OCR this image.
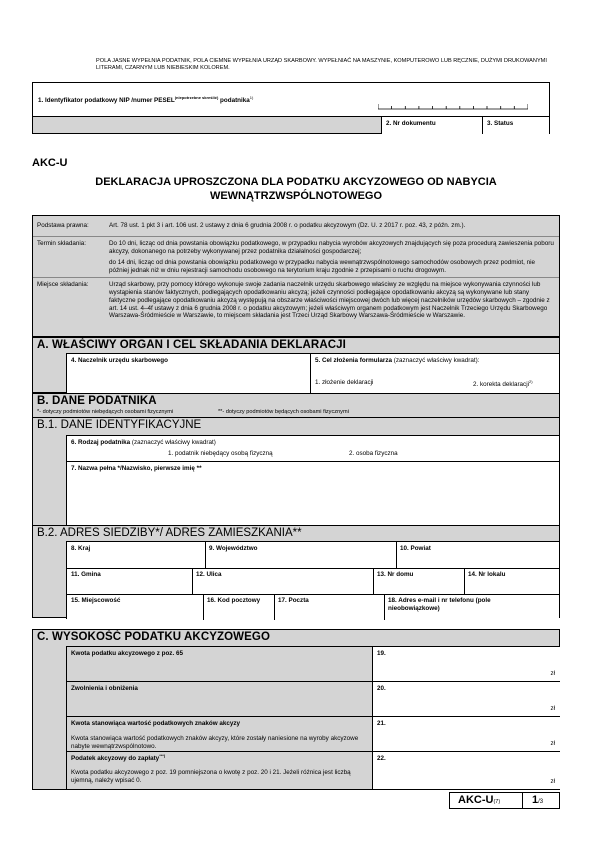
POLA JASNE WYPEŁNIA PODATNIK, POLA CIEMNE WYPEŁNIA URZĄD SKARBOWY. WYPEŁNIAĆ NA MASZYNIE, KOMPUTEROWO LUB RĘCZNIE, DUŻYMI DRUKOWANYMI LITERAMI, CZARNYM LUB NIEBIESKIM KOLOREM.
1. Identyfikator podatkowy NIP /numer $PESEL^{(niepotrzebne skreślić)}$ podatnika$^{1)}$
2. Nr dokumentu	3. Status
AKC-U
DEKLARACJA UPROSZCZONA DLA PODATKU AKCYZOWEGO OD NABYCIA
WEWNĄTRZWSPÓLNOTOWEGO
Podstawa prawna:	Art. 78 ust. 1 pkt 3 i art. 106 ust. 2 ustawy z dnia 6 grudnia 2008 r. o podatku akcyzowym (Dz. U. z 2017 r. poz. 43, z późn. zm.).
Termin składania:	Do 10 dni, licząc od dnia powstania obowiązku podatkowego, w przypadku nabycia wyrobów akcyzowych znajdujących się poza procedurą zawieszenia poboru akcyzy, dokonanego na potrzeby wykonywanej przez podatnika działalności gospodarczej;
do 14 dni, licząc od dnia powstania obowiązku podatkowego w przypadku nabycia wewnątrzwspólnotowego samochodów osobowych przez podmiot, nie później jednak niż w dniu rejestracji samochodu osobowego na terytorium kraju zgodnie z przepisami o ruchu drogowym.
Miejsce składania:	Urząd skarbowy, przy pomocy którego wykonuje swoje zadania naczelnik urzędu skarbowego właściwy ze względu na miejsce wykonywania czynności lub wystąpienia stanów faktycznych, podlegających opodatkowaniu akcyzą; jeżeli czynności podlegające opodatkowaniu akcyzą są wykonywane lub stany faktyczne podlegające opodatkowaniu akcyzą występują na obszarze właściwości miejscowej dwóch lub więcej naczelników urzędów skarbowych – zgodnie z art. 14 ust. 4–4f ustawy z dnia 6 grudnia 2008 r. o podatku akcyzowym; jeżeli właściwym organem podatkowym jest Naczelnik Trzeciego Urzędu Skarbowego Warszawa-Śródmieście w Warszawie, to miejscem składania jest Trzeci Urząd Skarbowy Warszawa-Śródmieście w Warszawie.
A. WŁAŚCIWY ORGAN I CEL SKŁADANIA DEKLARACJI
4. Naczelnik urzędu skarbowego	5. Cel złożenia formularza (zaznaczyć właściwy kwadrat):
1. złożenie deklaracji	2. korekta deklaracji$^{2)}$
B. DANE PODATNIKA
*- dotyczy podmiotów niebędących osobami fizycznymi	**- dotyczy podmiotów będących osobami fizycznymi
B.1. DANE IDENTYFIKACYJNE
6. Rodzaj podatnika (zaznaczyć właściwy kwadrat)
1. podatnik niebędący osobą fizyczną	2. osoba fizyczna
7. Nazwa pełna */Nazwisko, pierwsze imię **
B.2. ADRES SIEDZIBY*/ ADRES ZAMIESZKANIA**
8. Kraj	9. Województwo	10. Powiat
11. Gmina	12. Ulica	13. Nr domu	14. Nr lokalu
15. Miejscowość	16. Kod pocztowy	17. Poczta	18. Adres e-mail i nr telefonu (pole nieobowiązkowe)
C. WYSOKOŚĆ PODATKU AKCYZOWEGO
Kwota podatku akcyzowego z poz. 65	19.
zł
Zwolnienia i obniżenia	20.
zł
Kwota stanowiąca wartość podatkowych znaków akcyzy
Kwota stanowiąca wartość podatkowych znaków akcyzy, które zostały naniesione na wyroby akcyzowe nabyte wewnątrzwspólnotowo.
21.
zł
Podatek akcyzowy do zapłaty***)
Kwota podatku akcyzowego z poz. 19 pomniejszona o kwotę z poz. 20 i 21. Jeżeli różnica jest liczbą ujemną, należy wpisać 0.
22.
zł
AKC-U(7)	1/3
